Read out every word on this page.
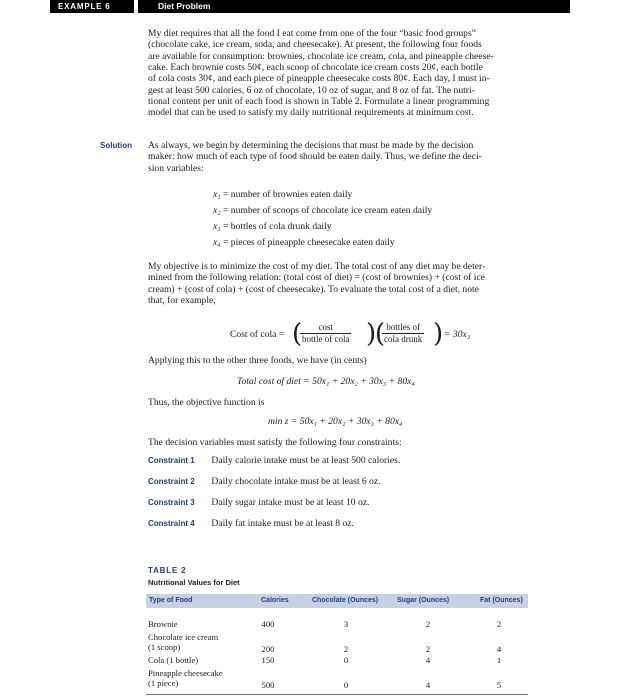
EXAMPLE 6	Diet Problem

My diet requires that all the food I eat come from one of the four “basic food groups”

(chocolate cake, ice cream, soda, and cheesecake). At present, the following four foods

are available for consumption: brownies, chocolate ice cream, cola, and pineapple cheese-

cake. Each brownie costs 50¢, each scoop of chocolate ice cream costs 20¢, each bottle

of cola costs 30¢, and each piece of pineapple cheesecake costs 80¢. Each day, I must in-

gest at least 500 calories, 6 oz of chocolate, 10 oz of sugar, and 8 oz of fat. The nutri-

tional content per unit of each food is shown in Table 2. Formulate a linear programming

model that can be used to satisfy my daily nutritional requirements at minimum cost.

Solution As always, we begin by determining the decisions that must be made by the decision

maker: how much of each type of food should be eaten daily. Thus, we define the deci-

sion variables:

x₁ = number of brownies eaten daily
x₂ = number of scoops of chocolate ice cream eaten daily
x₃ = bottles of cola drunk daily
x₄ = pieces of pineapple cheesecake eaten daily

My objective is to minimize the cost of my diet. The total cost of any diet may be deter-

mined from the following relation: (total cost of diet) = (cost of brownies) + (cost of ice

cream) + (cost of cola) + (cost of cheesecake). To evaluate the total cost of a diet, note

that, for example,

Cost of cola = (	cost
bottle of cola )
( bottles of
cola drunk ) = 30x₃

Applying this to the other three foods, we have (in cents)

Total cost of diet = 50x₁ + 20x₂ + 30x₃ + 80x₄

Thus, the objective function is

min z = 50x₁ + 20x₂ + 30x₃ + 80x₄

The decision variables must satisfy the following four constraints:

Constraint 1 Daily calorie intake must be at least 500 calories.
Constraint 2 Daily chocolate intake must be at least 6 oz.
Constraint 3 Daily sugar intake must be at least 10 oz.
Constraint 4 Daily fat intake must be at least 8 oz.
TABLE 2
Nutritional Values for Diet
Type of Food	Calories	Chocolate (Ounces)	Sugar (Ounces)	Fat (Ounces)
Brownie	400	3	2	2
Chocolate ice cream
(1 scoop)	200	2	2	4
Cola (1 bottle)	150	0	4	1
Pineapple cheesecake
(1 piece)	500	0	4	5
